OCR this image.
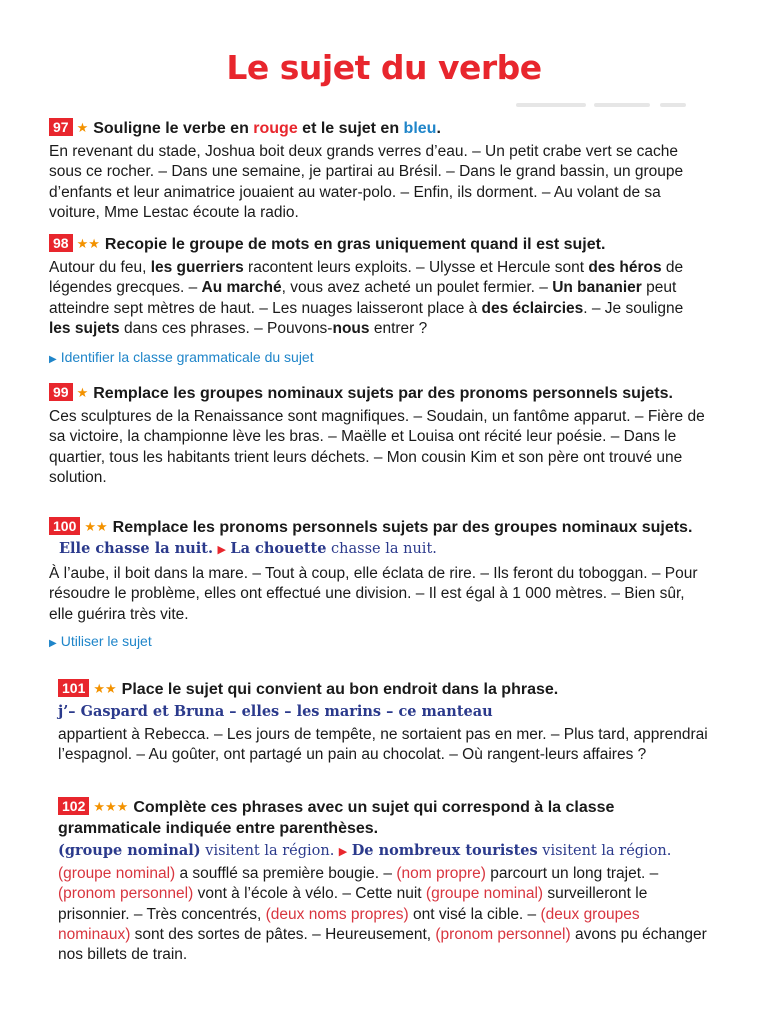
Le sujet du verbe

97 ★ Souligne le verbe en rouge et le sujet en bleu.

En revenant du stade, Joshua boit deux grands verres d’eau. – Un petit crabe vert se cache sous ce rocher. – Dans une semaine, je partirai au Brésil. – Dans le grand bassin, un groupe d’enfants et leur animatrice jouaient au water-polo. – Enfin, ils dorment. – Au volant de sa voiture, Mme Lestac écoute la radio.

98 ★★ Recopie le groupe de mots en gras uniquement quand il est sujet.

Autour du feu, les guerriers racontent leurs exploits. – Ulysse et Hercule sont des héros de légendes grecques. – Au marché, vous avez acheté un poulet fermier. – Un bananier peut atteindre sept mètres de haut. – Les nuages laisseront place à des éclaircies. – Je souligne les sujets dans ces phrases. – Pouvons-nous entrer ?

▶ Identifier la classe grammaticale du sujet

99 ★ Remplace les groupes nominaux sujets par des pronoms personnels sujets.

Ces sculptures de la Renaissance sont magnifiques. – Soudain, un fantôme apparut. – Fière de sa victoire, la championne lève les bras. – Maëlle et Louisa ont récité leur poésie. – Dans le quartier, tous les habitants trient leurs déchets. – Mon cousin Kim et son père ont trouvé une solution.

100 ★★ Remplace les pronoms personnels sujets par des groupes nominaux sujets. Elle chasse la nuit. ▶ La chouette chasse la nuit.

À l’aube, il boit dans la mare. – Tout à coup, elle éclata de rire. – Ils feront du toboggan. – Pour résoudre le problème, elles ont effectué une division. – Il est égal à 1 000 mètres. – Bien sûr, elle guérira très vite.

▶ Utiliser le sujet

101 ★★ Place le sujet qui convient au bon endroit dans la phrase.

j’– Gaspard et Bruna – elles – les marins – ce manteau

appartient à Rebecca. – Les jours de tempête, ne sortaient pas en mer. – Plus tard, apprendrai l’espagnol. – Au goûter, ont partagé un pain au chocolat. – Où rangent-leurs affaires ?

102 ★★★ Complète ces phrases avec un sujet qui correspond à la classe grammaticale indiquée entre parenthèses.

(groupe nominal) visitent la région. ▶ De nombreux touristes visitent la région.

(groupe nominal) a soufflé sa première bougie. – (nom propre) parcourt un long trajet. – (pronom personnel) vont à l’école à vélo. – Cette nuit (groupe nominal) surveilleront le prisonnier. – Très concentrés, (deux noms propres) ont visé la cible. – (deux groupes nominaux) sont des sortes de pâtes. – Heureusement, (pronom personnel) avons pu échanger nos billets de train.
